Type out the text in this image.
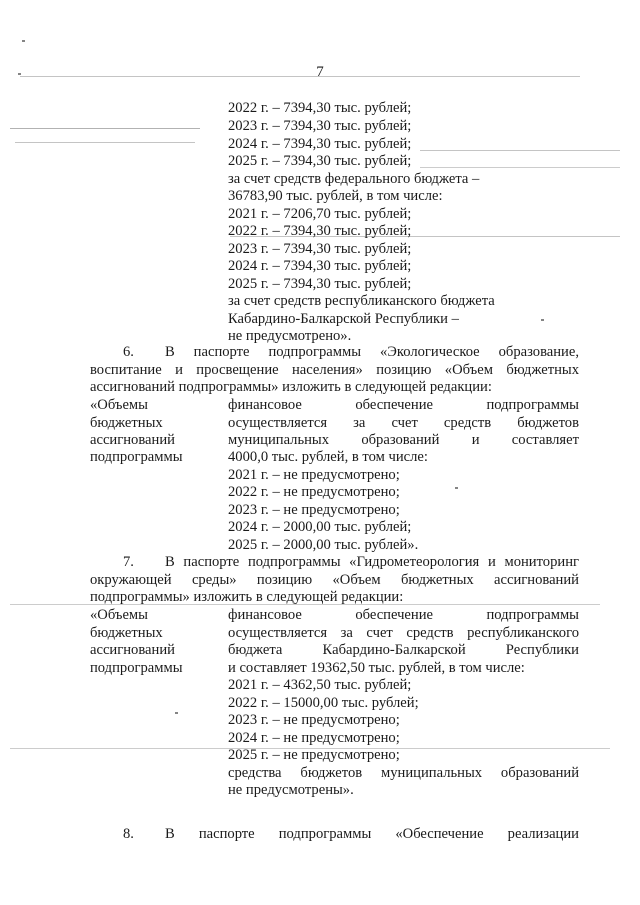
7
2022 г. – 7394,30 тыс. рублей;
2023 г. – 7394,30 тыс. рублей;
2024 г. – 7394,30 тыс. рублей;
2025 г. – 7394,30 тыс. рублей;
за счет средств федерального бюджета –
36783,90 тыс. рублей, в том числе:
2021 г. – 7206,70 тыс. рублей;
2022 г. – 7394,30 тыс. рублей;
2023 г. – 7394,30 тыс. рублей;
2024 г. – 7394,30 тыс. рублей;
2025 г. – 7394,30 тыс. рублей;
за счет средств республиканского бюджета
Кабардино-Балкарской Республики –
не предусмотрено».
6. В паспорте подпрограммы «Экологическое образование,
воспитание и просвещение населения» позицию «Объем бюджетных
ассигнований подпрограммы» изложить в следующей редакции:
«Объемы
бюджетных
ассигнований
подпрограммы
финансовое обеспечение подпрограммы
осуществляется за счет средств бюджетов
муниципальных образований и составляет
4000,0 тыс. рублей, в том числе:
2021 г. – не предусмотрено;
2022 г. – не предусмотрено;
2023 г. – не предусмотрено;
2024 г. – 2000,00 тыс. рублей;
2025 г. – 2000,00 тыс. рублей».
7. В паспорте подпрограммы «Гидрометеорология и мониторинг
окружающей среды» позицию «Объем бюджетных ассигнований
подпрограммы» изложить в следующей редакции:
«Объемы
бюджетных
ассигнований
подпрограммы
финансовое обеспечение подпрограммы
осуществляется за счет средств республиканского
бюджета Кабардино-Балкарской Республики
и составляет 19362,50 тыс. рублей, в том числе:
2021 г. – 4362,50 тыс. рублей;
2022 г. – 15000,00 тыс. рублей;
2023 г. – не предусмотрено;
2024 г. – не предусмотрено;
2025 г. – не предусмотрено;
средства бюджетов муниципальных образований
не предусмотрены».
8. В паспорте подпрограммы «Обеспечение реализации
